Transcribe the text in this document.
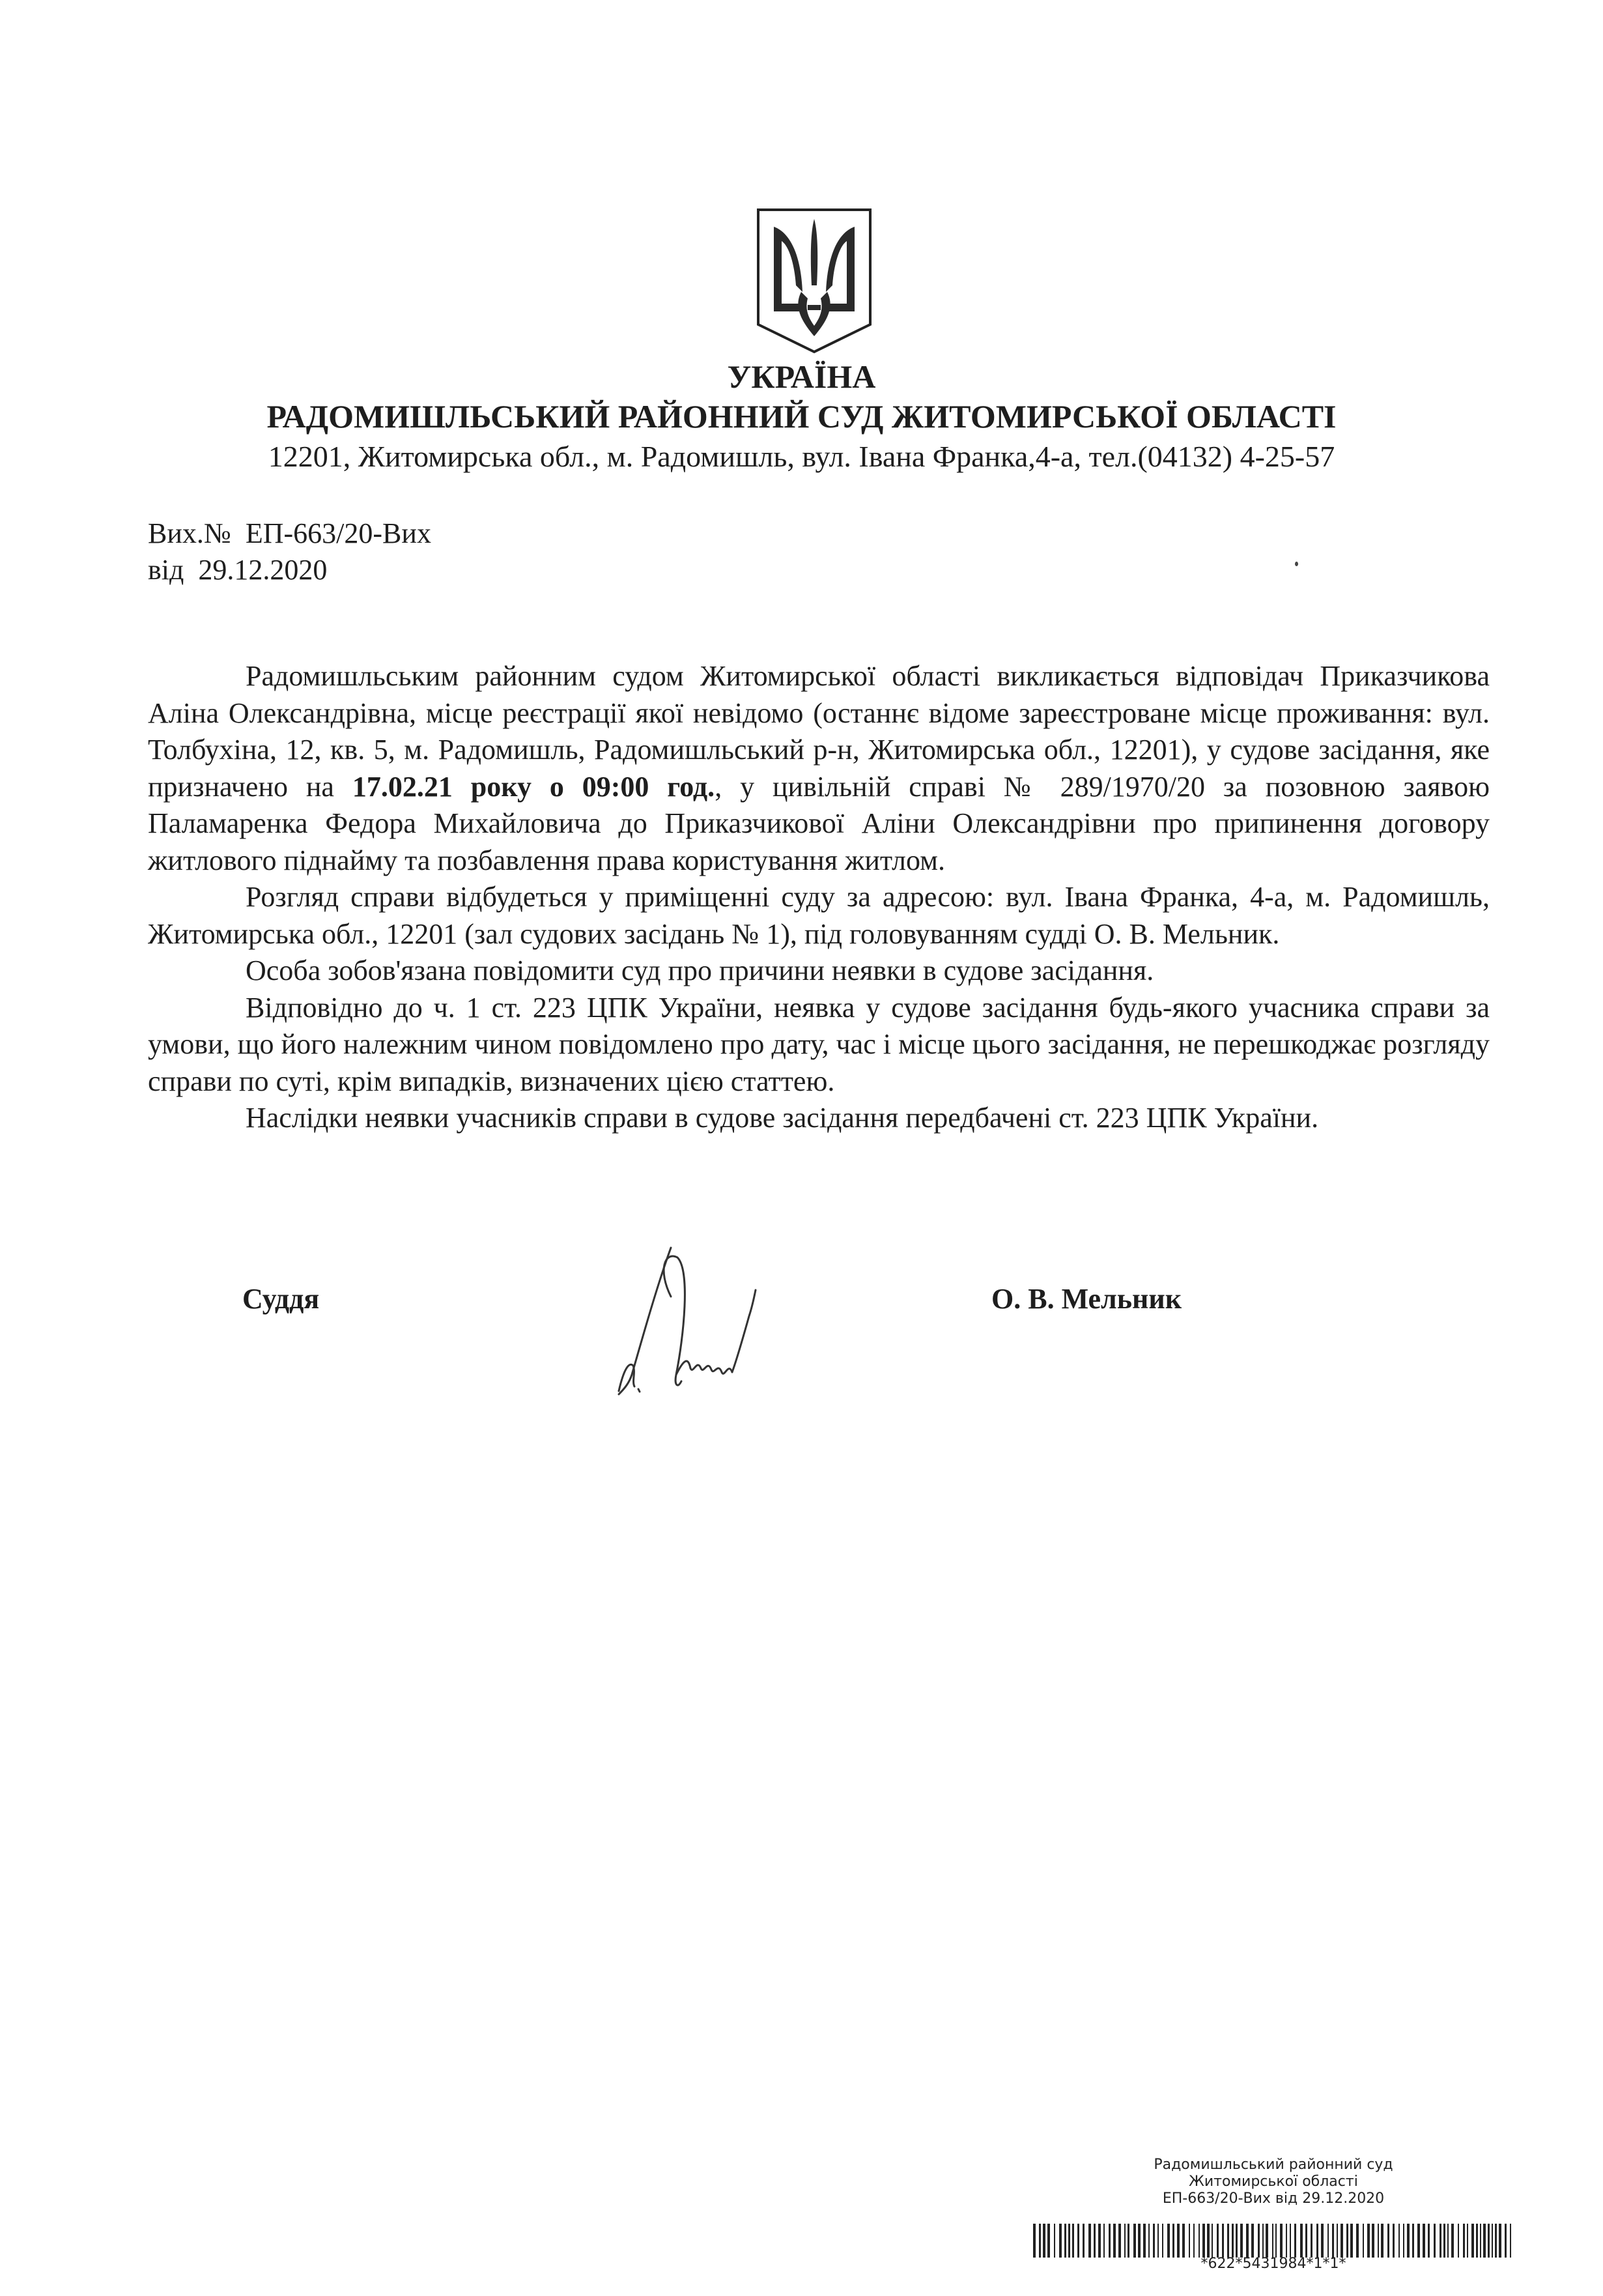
УКРАЇНА
РАДОМИШЛЬСЬКИЙ РАЙОННИЙ СУД ЖИТОМИРСЬКОЇ ОБЛАСТІ
12201, Житомирська обл., м. Радомишль, вул. Івана Франка,4-а, тел.(04132) 4-25-57
Вих.№ ЕП-663/20-Вих
від 29.12.2020

Радомишльським районним судом Житомирської області викликається відповідач Приказчикова Аліна Олександрівна, місце реєстрації якої невідомо (останнє відоме зареєстроване місце проживання: вул. Толбухіна, 12, кв. 5, м. Радомишль, Радомишльський р-н, Житомирська обл., 12201), у судове засідання, яке призначено на 17.02.21 року о 09:00 год., у цивільній справі № 289/1970/20 за позовною заявою Паламаренка Федора Михайловича до Приказчикової Аліни Олександрівни про припинення договору житлового піднайму та позбавлення права користування житлом.

Розгляд справи відбудеться у приміщенні суду за адресою: вул. Івана Франка, 4-а, м. Радомишль, Житомирська обл., 12201 (зал судових засідань № 1), під головуванням судді О. В. Мельник.

Особа зобов'язана повідомити суд про причини неявки в судове засідання.

Відповідно до ч. 1 ст. 223 ЦПК України, неявка у судове засідання будь-якого учасника справи за умови, що його належним чином повідомлено про дату, час і місце цього засідання, не перешкоджає розгляду справи по суті, крім випадків, визначених цією статтею.

Наслідки неявки учасників справи в судове засідання передбачені ст. 223 ЦПК України.

Суддя	О. В. Мельник
Радомишльський районний суд
Житомирської області
ЕП-663/20-Вих від 29.12.2020
*622*5431984*1*1*
